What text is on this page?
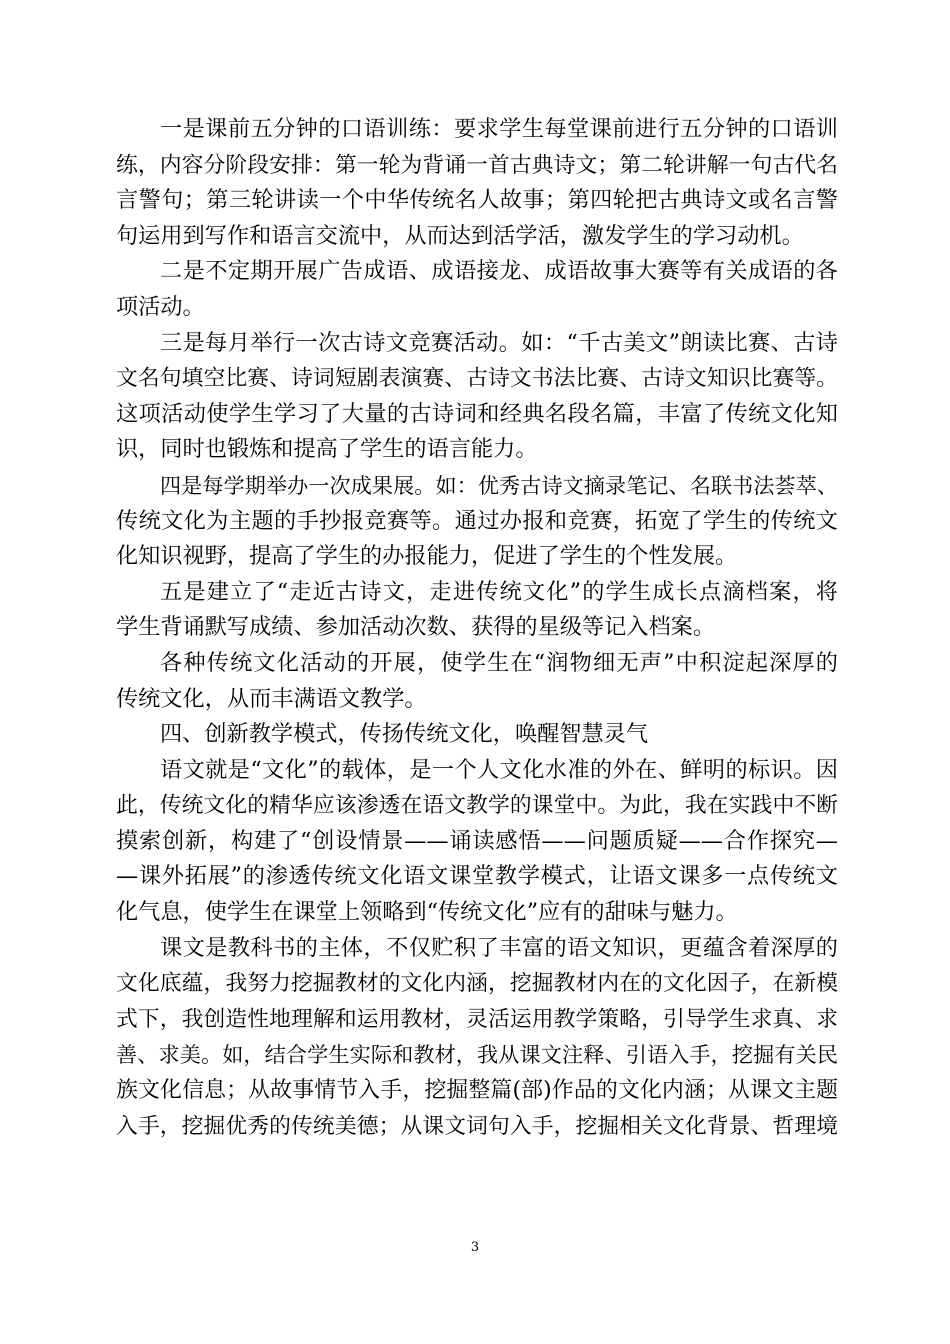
一是课前五分钟的口语训练：要求学生每堂课前进行五分钟的口语训
练，内容分阶段安排：第一轮为背诵一首古典诗文；第二轮讲解一句古代名
言警句；第三轮讲读一个中华传统名人故事；第四轮把古典诗文或名言警
句运用到写作和语言交流中，从而达到活学活，激发学生的学习动机。
二是不定期开展广告成语、成语接龙、成语故事大赛等有关成语的各
项活动。
三是每月举行一次古诗文竞赛活动。如：“千古美文”朗读比赛、古诗
文名句填空比赛、诗词短剧表演赛、古诗文书法比赛、古诗文知识比赛等。
这项活动使学生学习了大量的古诗词和经典名段名篇，丰富了传统文化知
识，同时也锻炼和提高了学生的语言能力。
四是每学期举办一次成果展。如：优秀古诗文摘录笔记、名联书法荟萃、
传统文化为主题的手抄报竞赛等。通过办报和竞赛，拓宽了学生的传统文
化知识视野，提高了学生的办报能力，促进了学生的个性发展。
五是建立了“走近古诗文，走进传统文化”的学生成长点滴档案，将
学生背诵默写成绩、参加活动次数、获得的星级等记入档案。
各种传统文化活动的开展，使学生在“润物细无声”中积淀起深厚的
传统文化，从而丰满语文教学。
四、创新教学模式，传扬传统文化，唤醒智慧灵气
语文就是“文化”的载体，是一个人文化水准的外在、鲜明的标识。因
此，传统文化的精华应该渗透在语文教学的课堂中。为此，我在实践中不断
摸索创新，构建了“创设情景——诵读感悟——问题质疑——合作探究—
—课外拓展”的渗透传统文化语文课堂教学模式，让语文课多一点传统文
化气息，使学生在课堂上领略到“传统文化”应有的甜味与魅力。
课文是教科书的主体，不仅贮积了丰富的语文知识，更蕴含着深厚的
文化底蕴，我努力挖掘教材的文化内涵，挖掘教材内在的文化因子，在新模
式下，我创造性地理解和运用教材，灵活运用教学策略，引导学生求真、求
善、求美。如，结合学生实际和教材，我从课文注释、引语入手，挖掘有关民
族文化信息；从故事情节入手，挖掘整篇(部)作品的文化内涵；从课文主题
入手，挖掘优秀的传统美德；从课文词句入手，挖掘相关文化背景、哲理境
3
